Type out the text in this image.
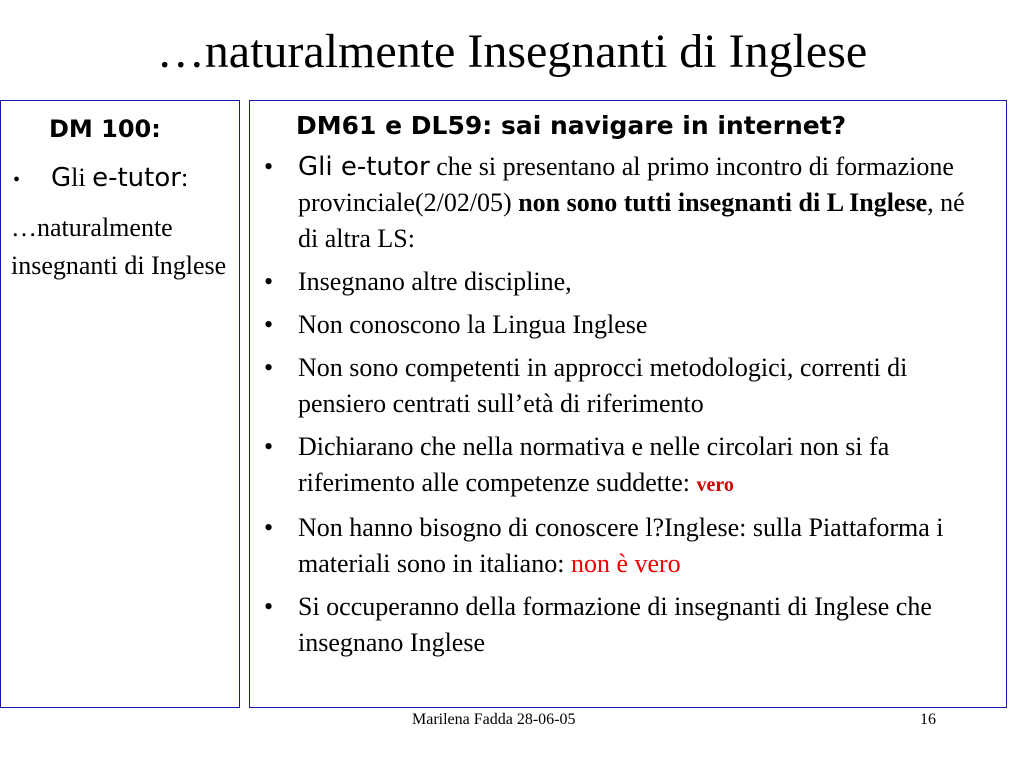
…naturalmente Insegnanti di Inglese
DM 100:
•	G li
e-tutor :
…naturalmente insegnanti di Inglese
DM61 e DL59: sai navigare in internet?
• Gli e-tutor che si presentano al primo incontro di formazione provinciale(2/02/05) non sono tutti insegnanti di L Inglese, né di altra LS:
• Insegnano altre discipline,
• Non conoscono la Lingua Inglese
• Non sono competenti in approcci metodologici, correnti di pensiero centrati sull’età di riferimento
• Dichiarano che nella normativa e nelle circolari non si fa riferimento alle competenze suddette: vero
• Non hanno bisogno di conoscere l?Inglese: sulla Piattaforma i materiali sono in italiano: non è vero
• Si occuperanno della formazione di insegnanti di Inglese che insegnano Inglese
Marilena Fadda 28-06-05	16
